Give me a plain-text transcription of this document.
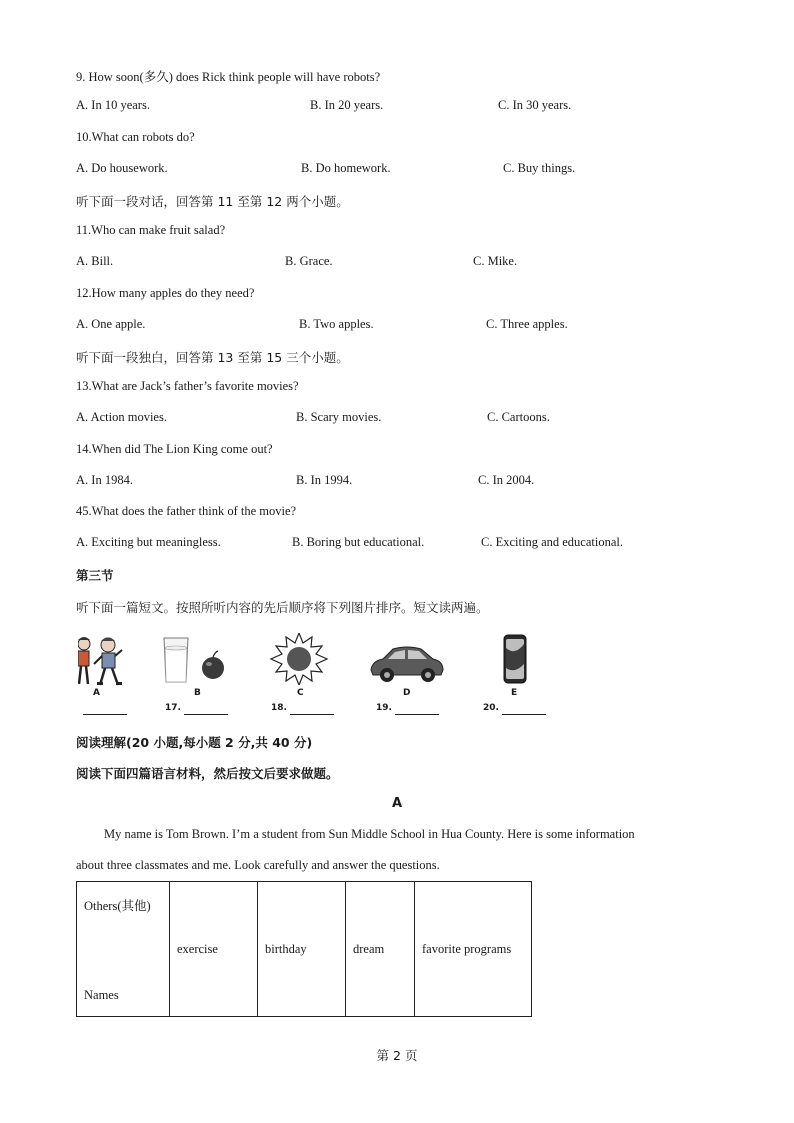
9. How soon(多久) does Rick think people will have robots?
A. In 10 years.	B. In 20 years.	C. In 30 years.
10.What can robots do?
A. Do housework.	B. Do homework.	C. Buy things.
听下面一段对话，回答第 11 至第 12 两个小题。
11.Who can make fruit salad?
A. Bill.	B. Grace.	C. Mike.
12.How many apples do they need?
A. One apple.	B. Two apples.	C. Three apples.
听下面一段独白，回答第 13 至第 15 三个小题。
13.What are Jack’s father’s favorite movies?
A. Action movies.	B. Scary movies.	C. Cartoons.
14.When did The Lion King come out?
A. In 1984.	B. In 1994.	C. In 2004.
45.What does the father think of the movie?
A. Exciting but meaningless.	B. Boring but educational.	C. Exciting and educational.
第三节
听下面一篇短文。按照所听内容的先后顺序将下列图片排序。短文读两遍。
A	B	C	D	E

17.	18.	19.	20.
阅读理解(20 小题,每小题 2 分,共 40 分)
阅读下面四篇语言材料，然后按文后要求做题。
A
My name is Tom Brown. I’m a student from Sun Middle School in Hua County. Here is some information
about three classmates and me. Look carefully and answer the questions.
Others(其他)
Names
	exercise	birthday	dream	favorite programs
第 2 页
